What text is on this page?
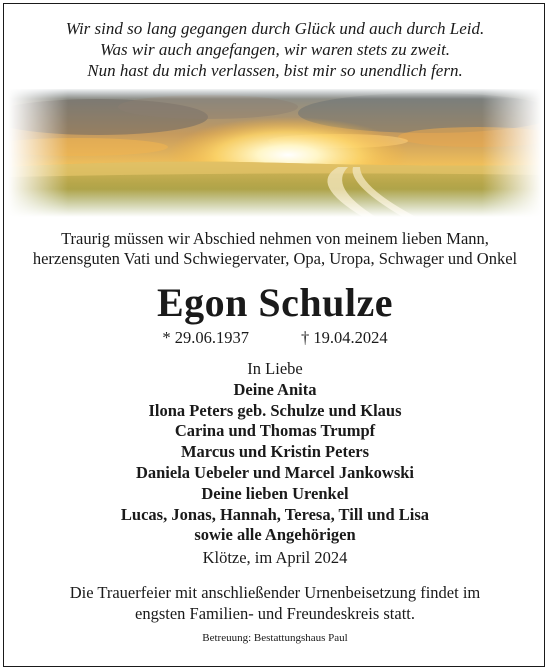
Wir sind so lang gegangen durch Glück und auch durch Leid.
Was wir auch angefangen, wir waren stets zu zweit.
Nun hast du mich verlassen, bist mir so unendlich fern.
Traurig müssen wir Abschied nehmen von meinem lieben Mann,
herzensguten Vati und Schwiegervater, Opa, Uropa, Schwager und Onkel
Egon Schulze
* 29.06.1937	† 19.04.2024
In Liebe
Deine Anita
Ilona Peters geb. Schulze und Klaus
Carina und Thomas Trumpf
Marcus und Kristin Peters
Daniela Uebeler und Marcel Jankowski
Deine lieben Urenkel
Lucas, Jonas, Hannah, Teresa, Till und Lisa
sowie alle Angehörigen
Klötze, im April 2024
Die Trauerfeier mit anschließender Urnenbeisetzung findet im
engsten Familien- und Freundeskreis statt.
Betreuung: Bestattungshaus Paul
